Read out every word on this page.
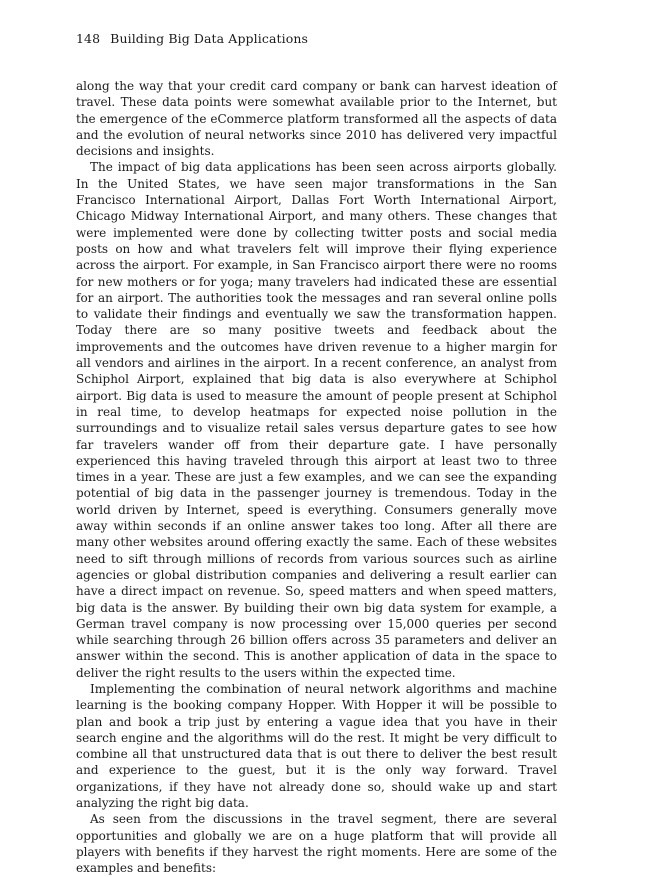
148 Building Big Data Applications

along the way that your credit card company or bank can harvest ideation of travel. These data points were somewhat available prior to the Internet, but the emergence of the eCommerce platform transformed all the aspects of data and the evolution of neural networks since 2010 has delivered very impactful decisions and insights.

The impact of big data applications has been seen across airports globally. In the United States, we have seen major transformations in the San Francisco International Airport, Dallas Fort Worth International Airport, Chicago Midway International Airport, and many others. These changes that were implemented were done by collecting twitter posts and social media posts on how and what travelers felt will improve their flying experience across the airport. For example, in San Francisco airport there were no rooms for new mothers or for yoga; many travelers had indicated these are essential for an airport. The authorities took the messages and ran several online polls to validate their findings and eventually we saw the transformation happen. Today there are so many positive tweets and feedback about the improvements and the outcomes have driven revenue to a higher margin for all vendors and airlines in the airport. In a recent conference, an analyst from Schiphol Airport, explained that big data is also everywhere at Schiphol airport. Big data is used to measure the amount of people present at Schiphol in real time, to develop heatmaps for expected noise pollution in the surroundings and to visualize retail sales versus departure gates to see how far travelers wander off from their departure gate. I have personally experienced this having traveled through this airport at least two to three times in a year. These are just a few examples, and we can see the expanding potential of big data in the passenger journey is tremendous. Today in the world driven by Internet, speed is everything. Consumers generally move away within seconds if an online answer takes too long. After all there are many other websites around offering exactly the same. Each of these websites need to sift through millions of records from various sources such as airline agencies or global distribution companies and delivering a result earlier can have a direct impact on revenue. So, speed matters and when speed matters, big data is the answer. By building their own big data system for example, a German travel company is now processing over 15,000 queries per second while searching through 26 billion offers across 35 parameters and deliver an answer within the second. This is another application of data in the space to deliver the right results to the users within the expected time.

Implementing the combination of neural network algorithms and machine learning is the booking company Hopper. With Hopper it will be possible to plan and book a trip just by entering a vague idea that you have in their search engine and the algorithms will do the rest. It might be very difficult to combine all that unstructured data that is out there to deliver the best result and experience to the guest, but it is the only way forward. Travel organizations, if they have not already done so, should wake up and start analyzing the right big data.

As seen from the discussions in the travel segment, there are several opportunities and globally we are on a huge platform that will provide all players with benefits if they harvest the right moments. Here are some of the examples and benefits:
